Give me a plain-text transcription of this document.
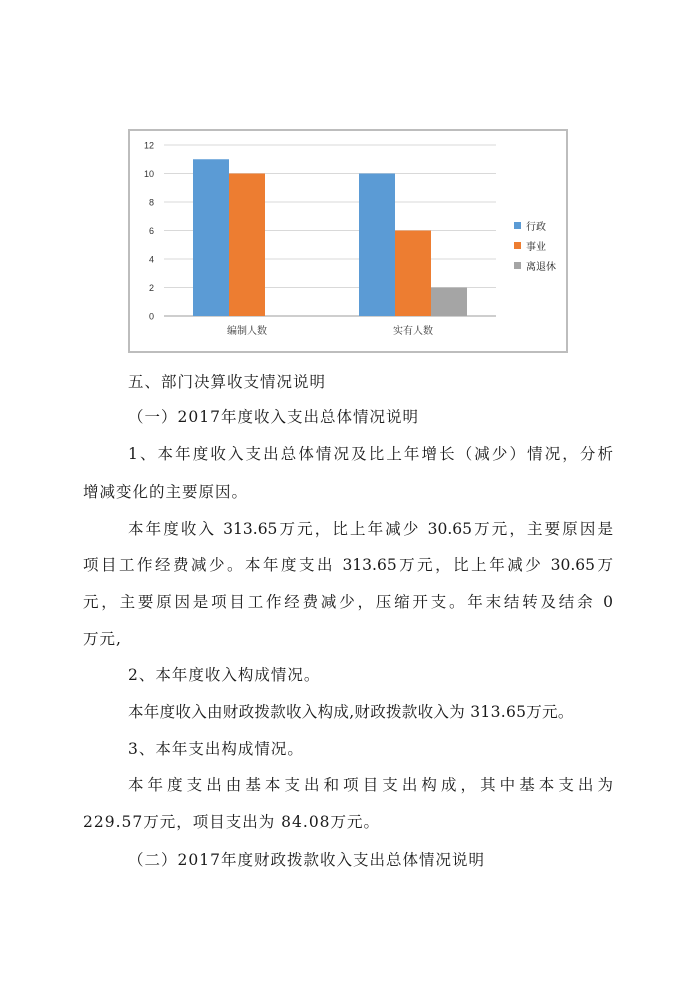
0
2
4
6
8
10
12
编制人数	实有人数
行政
事业
离退休
五、部门决算收支情况说明
（一）2017年度收入支出总体情况说明
1、本年度收入支出总体情况及比上年增长（减少）情况，分析
增减变化的主要原因。
本年度收入 313.65万元，比上年减少 30.65万元，主要原因是
项目工作经费减少。本年度支出 313.65万元，比上年减少 30.65万
元，主要原因是项目工作经费减少，压缩开支。年末结转及结余 0
万元,
2、本年度收入构成情况。
本年度收入由财政拨款收入构成,财政拨款收入为 313.65万元。
3、本年支出构成情况。
本年度支出由基本支出和项目支出构成，其中基本支出为
229.57万元，项目支出为 84.08万元。
（二）2017年度财政拨款收入支出总体情况说明
